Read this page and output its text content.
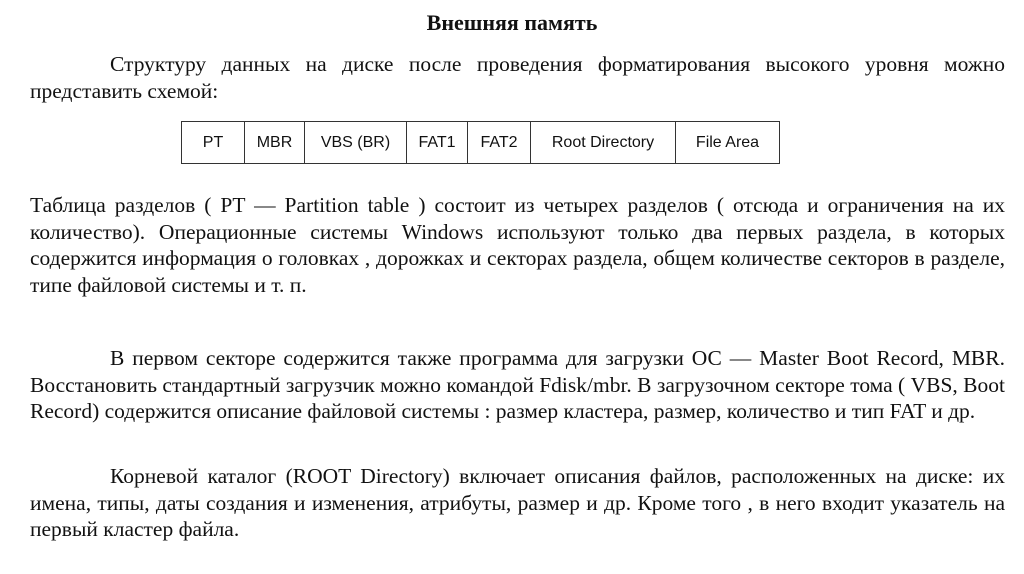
Внешняя память
Структуру данных на диске после проведения форматирования высокого уровня можно представить схемой:
PT	MBR	VBS (BR)	FAT1	FAT2	Root Directory	File Area
Таблица разделов ( PT — Partition table ) состоит из четырех разделов ( отсюда и ограничения на их количество). Операционные системы Windows используют только два первых раздела, в которых содержится информация о головках , дорожках и секторах раздела, общем количестве секторов в разделе, типе файловой системы и т. п.
В первом секторе содержится также программа для загрузки ОС — Master Boot Record, MBR. Восстановить стандартный загрузчик можно командой Fdisk/mbr. В загрузочном секторе тома ( VBS, Boot Record) содержится описание файловой системы : размер кластера, размер, количество и тип FAT и др.
Корневой каталог (ROOT Directory) включает описания файлов, расположенных на диске: их имена, типы, даты создания и изменения, атрибуты, размер и др. Кроме того , в него входит указатель на первый кластер файла.
